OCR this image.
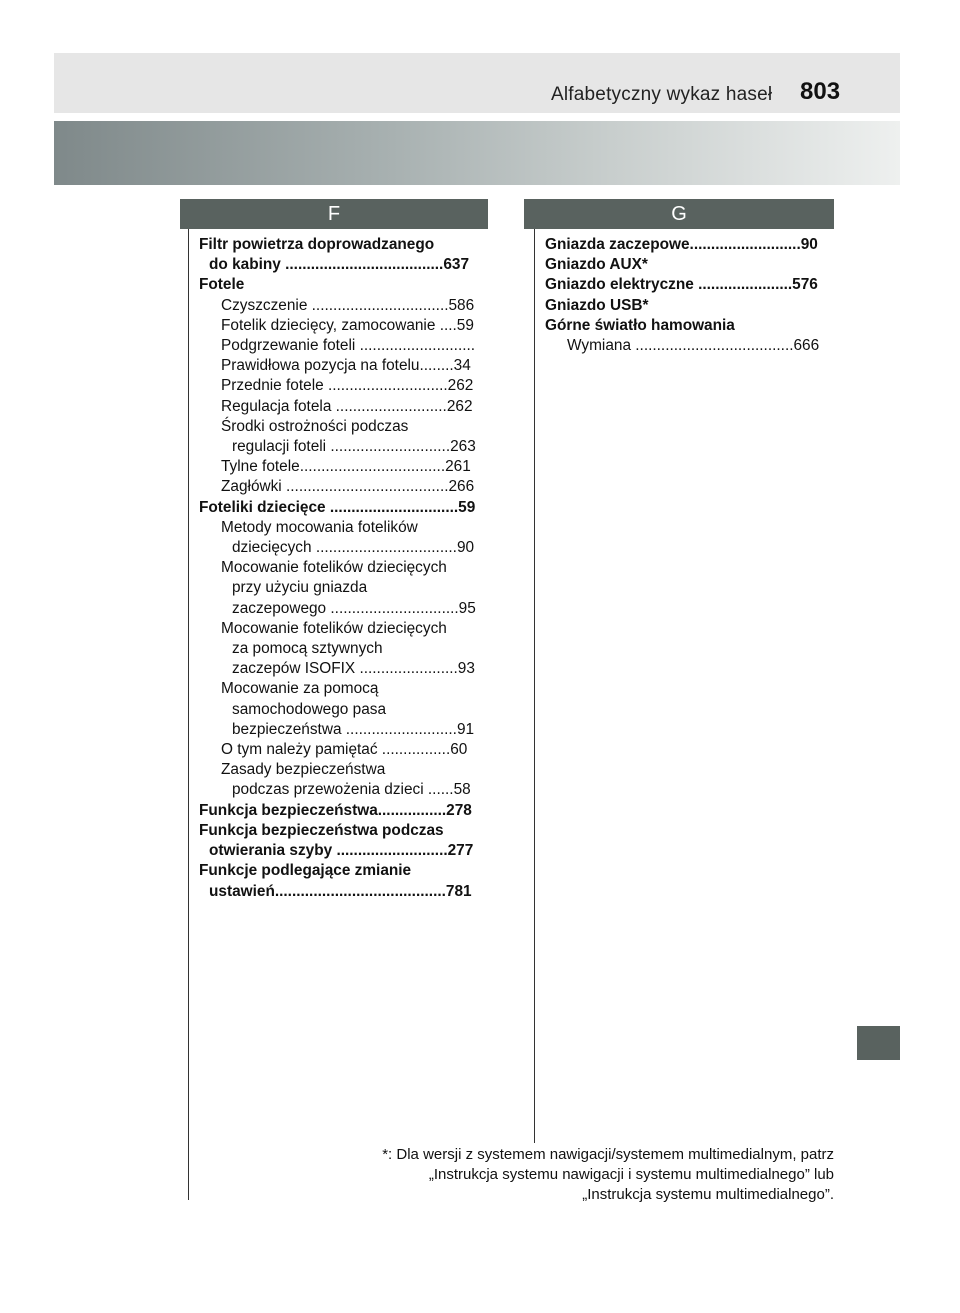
Alfabetyczny wykaz haseł 803
F	G
Filtr powietrza doprowadzanego
do kabiny .....................................637
Fotele
Czyszczenie ................................586
Fotelik dziecięcy, zamocowanie ....59
Podgrzewanie foteli ...........................
Prawidłowa pozycja na fotelu........34
Przednie fotele ............................262
Regulacja fotela ..........................262
Środki ostrożności podczas
regulacji foteli ............................263
Tylne fotele..................................261
Zagłówki ......................................266
Foteliki dziecięce ..............................59
Metody mocowania fotelików
dziecięcych .................................90
Mocowanie fotelików dziecięcych
przy użyciu gniazda
zaczepowego ..............................95
Mocowanie fotelików dziecięcych
za pomocą sztywnych
zaczepów ISOFIX .......................93
Mocowanie za pomocą
samochodowego pasa
bezpieczeństwa ..........................91
O tym należy pamiętać ................60
Zasady bezpieczeństwa
podczas przewożenia dzieci ......58
Funkcja bezpieczeństwa................278
Funkcja bezpieczeństwa podczas
otwierania szyby ..........................277
Funkcje podlegające zmianie
ustawień........................................781
Gniazda zaczepowe..........................90
Gniazdo AUX*
Gniazdo elektryczne ......................576
Gniazdo USB*
Górne światło hamowania
Wymiana .....................................666
*: Dla wersji z systemem nawigacji/systemem multimedialnym, patrz
„Instrukcja systemu nawigacji i systemu multimedialnego” lub
„Instrukcja systemu multimedialnego”.
